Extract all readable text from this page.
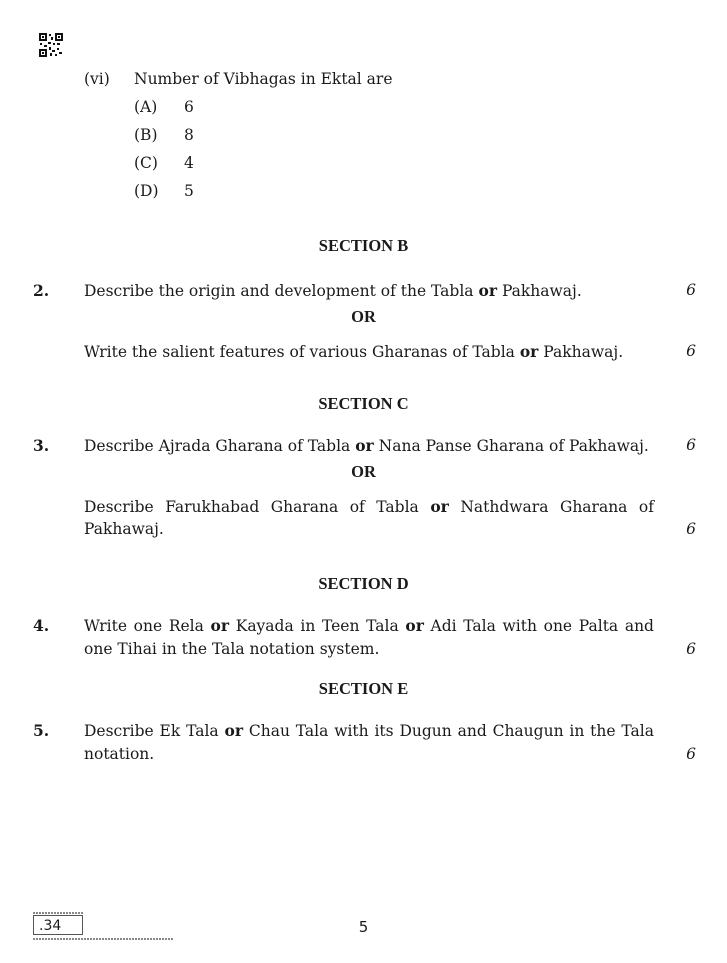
(vi) Number of Vibhagas in Ektal are
(A) 6
(B) 8
(C) 4
(D) 5
SECTION B
2. Describe the origin and development of the Tabla or Pakhawaj.	6
OR
Write the salient features of various Gharanas of Tabla or Pakhawaj.	6
SECTION C
3. Describe Ajrada Gharana of Tabla or Nana Panse Gharana of Pakhawaj.	6
OR
Describe Farukhabad Gharana of Tabla or Nathdwara Gharana of
Pakhawaj.	6
SECTION D
4. Write one Rela or Kayada in Teen Tala or Adi Tala with one Palta and
one Tihai in the Tala notation system.	6
SECTION E
5. Describe Ek Tala or Chau Tala with its Dugun and Chaugun in the Tala
notation.	6
.34	5
